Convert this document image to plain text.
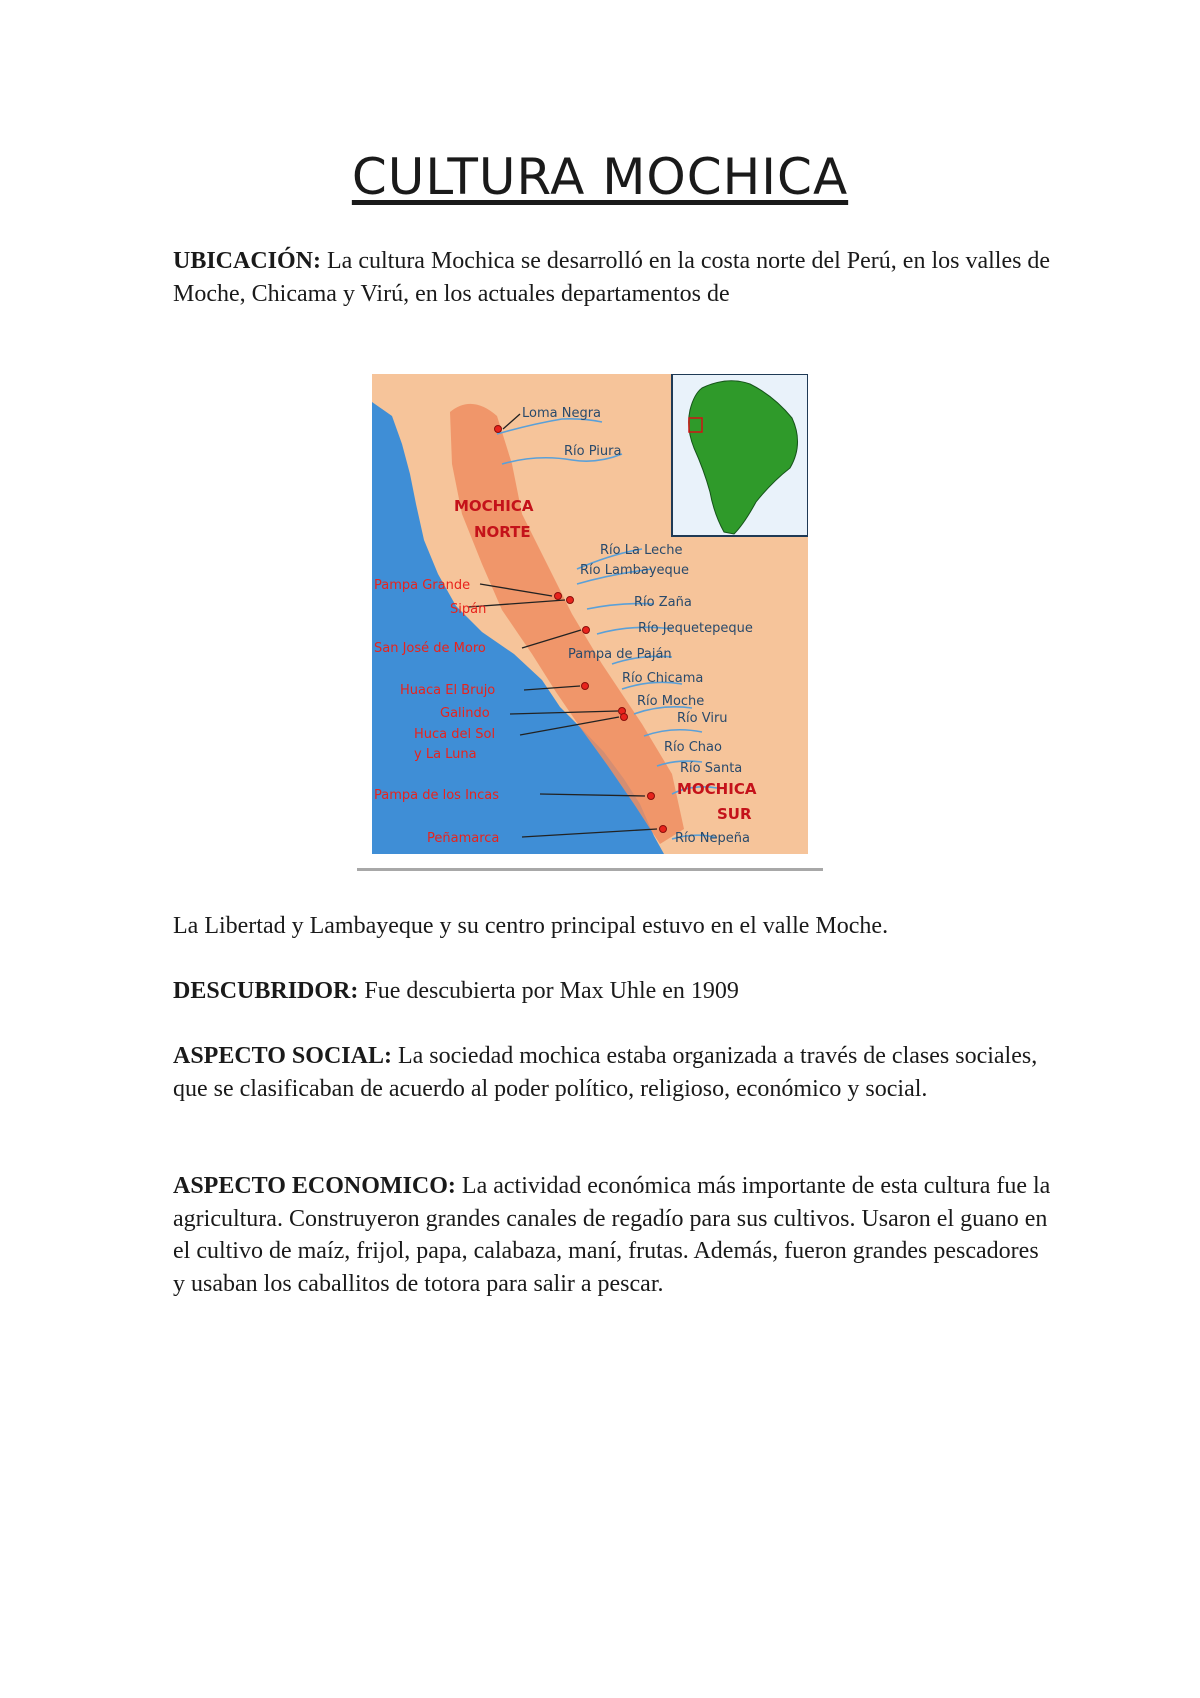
CULTURA MOCHICA

UBICACIÓN: La cultura Mochica se desarrolló en la costa norte del Perú, en los valles de Moche, Chicama y Virú, en los actuales departamentos de

MOCHICA
NORTE
MOCHICA
SUR
Loma Negra
Pampa Grande
Sipán
San José de Moro
Huaca El Brujo
Galindo
Huca del Sol
y La Luna
Pampa de los Incas
Peñamarca
Río Piura
Río La Leche
Río Lambayeque
Río Zaña
Río Jequetepeque
Pampa de Paján
Río Chicama
Río Moche
Río Viru
Río Chao
Río Santa
Río Nepeña

La Libertad y Lambayeque y su centro principal estuvo en el valle Moche.

DESCUBRIDOR: Fue descubierta por Max Uhle en 1909

ASPECTO SOCIAL: La sociedad mochica estaba organizada a través de clases sociales, que se clasificaban de acuerdo al poder político, religioso, económico y social.

ASPECTO ECONOMICO: La actividad económica más importante de esta cultura fue la agricultura. Construyeron grandes canales de regadío para sus cultivos. Usaron el guano en el cultivo de maíz, frijol, papa, calabaza, maní, frutas. Además, fueron grandes pescadores y usaban los caballitos de totora para salir a pescar.
